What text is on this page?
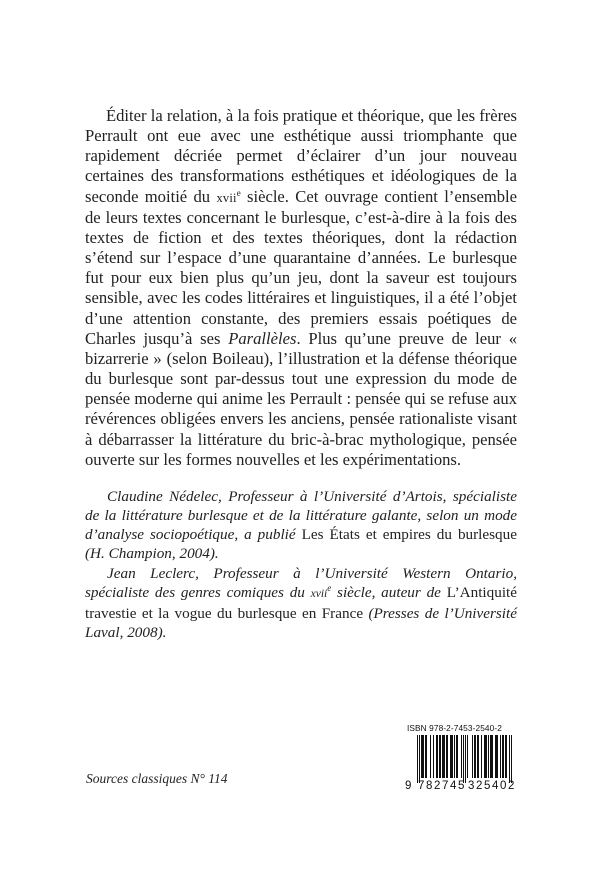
Éditer la relation, à la fois pratique et théorique, que les frères Perrault ont eue avec une esthétique aussi triomphante que rapidement décriée permet d’éclairer d’un jour nouveau certaines des transformations esthétiques et idéologiques de la seconde moitié du xvii$^e$ siècle. Cet ouvrage contient l’ensemble de leurs textes concernant le burlesque, c’est-à-dire à la fois des textes de fiction et des textes théoriques, dont la rédaction s’étend sur l’espace d’une quarantaine d’années. Le burlesque fut pour eux bien plus qu’un jeu, dont la saveur est toujours sensible, avec les codes littéraires et linguistiques, il a été l’objet d’une attention constante, des premiers essais poétiques de Charles jusqu’à ses Parallèles. Plus qu’une preuve de leur « bizarrerie » (selon Boileau), l’illustration et la défense théorique du burlesque sont par-dessus tout une expression du mode de pensée moderne qui anime les Perrault : pensée qui se refuse aux révérences obligées envers les anciens, pensée rationaliste visant à débarrasser la littérature du bric-à-brac mythologique, pensée ouverte sur les formes nouvelles et les expérimentations.

Claudine Nédelec, Professeur à l’Université d’Artois, spécialiste de la littérature burlesque et de la littérature galante, selon un mode d’analyse sociopoétique, a publié Les États et empires du burlesque (H. Champion, 2004).

Jean Leclerc, Professeur à l’Université Western Ontario, spécialiste des genres comiques du xvii$^e$ siècle, auteur de L’Antiquité travestie et la vogue du burlesque en France (Presses de l’Université Laval, 2008).

Sources classiques N° 114

ISBN 978-2-7453-2540-2
9 782745 325402
